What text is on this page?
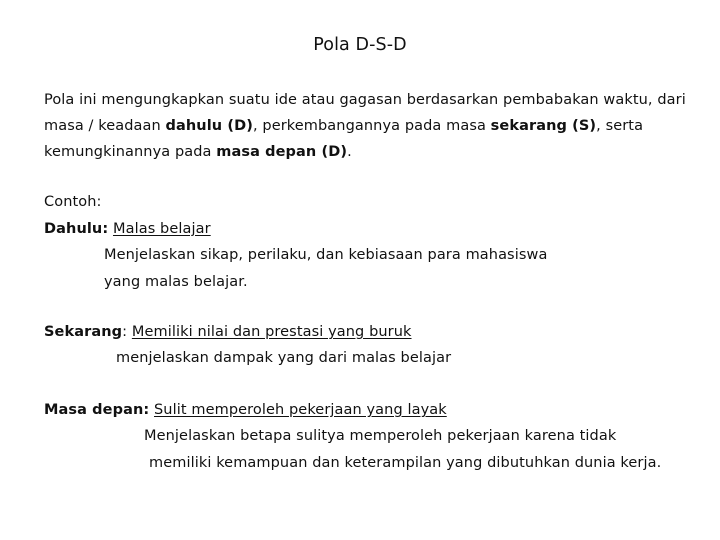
Pola D-S-D
Pola ini mengungkapkan suatu ide atau gagasan berdasarkan pembabakan waktu, dari
masa / keadaan dahulu (D), perkembangannya pada masa sekarang (S), serta
kemungkinannya pada masa depan (D).
Contoh:
Dahulu: Malas belajar
Menjelaskan sikap, perilaku, dan kebiasaan para mahasiswa
yang malas belajar.
Sekarang: Memiliki nilai dan prestasi yang buruk
menjelaskan dampak yang dari malas belajar
Masa depan: Sulit memperoleh pekerjaan yang layak
Menjelaskan betapa sulitya memperoleh pekerjaan karena tidak
memiliki kemampuan dan keterampilan yang dibutuhkan dunia kerja.
